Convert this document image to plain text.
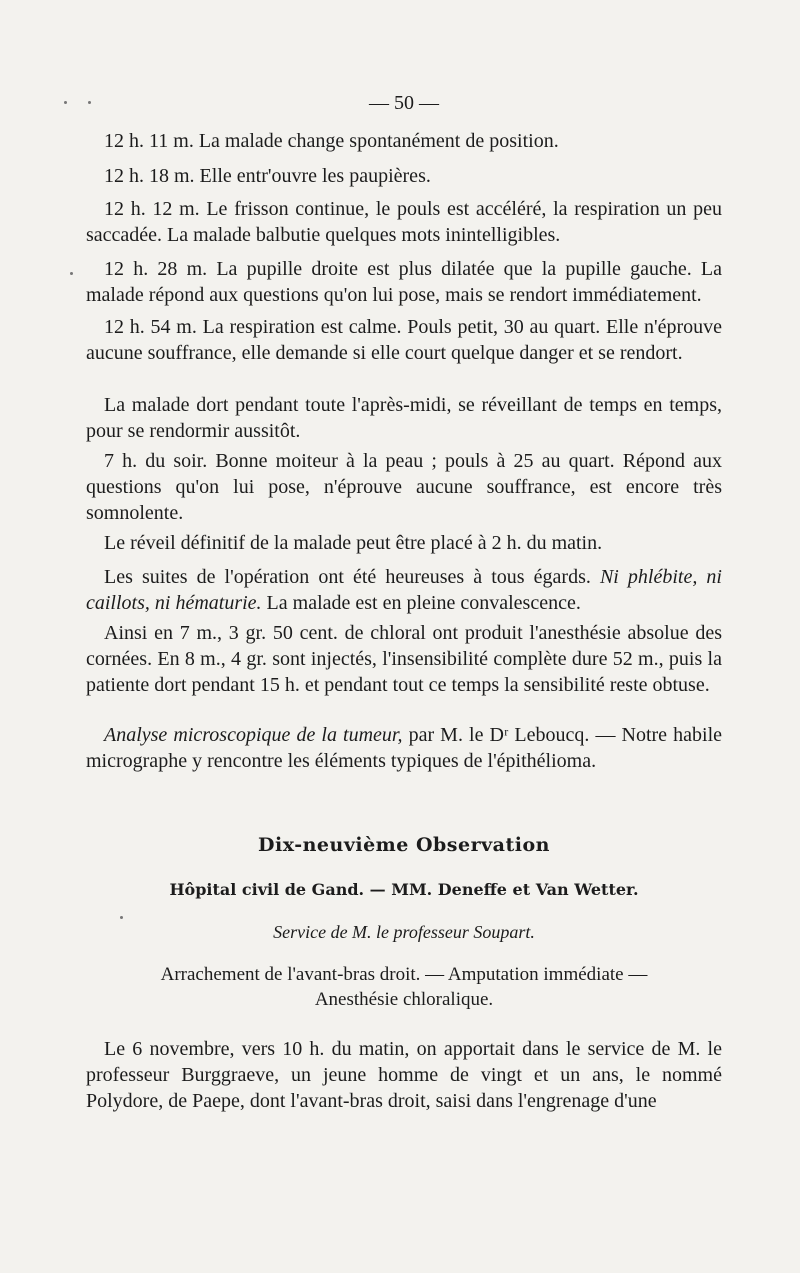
— 50 —

12 h. 11 m. La malade change spontanément de position.

12 h. 18 m. Elle entr'ouvre les paupières.

12 h. 12 m. Le frisson continue, le pouls est accéléré, la respiration un peu saccadée. La malade balbutie quelques mots inintelligibles.

12 h. 28 m. La pupille droite est plus dilatée que la pupille gauche. La malade répond aux questions qu'on lui pose, mais se rendort immédiatement.

12 h. 54 m. La respiration est calme. Pouls petit, 30 au quart. Elle n'éprouve aucune souffrance, elle demande si elle court quelque danger et se rendort.

La malade dort pendant toute l'après-midi, se réveillant de temps en temps, pour se rendormir aussitôt.

7 h. du soir. Bonne moiteur à la peau ; pouls à 25 au quart. Répond aux questions qu'on lui pose, n'éprouve aucune souffrance, est encore très somnolente.

Le réveil définitif de la malade peut être placé à 2 h. du matin.

Les suites de l'opération ont été heureuses à tous égards. Ni phlébite, ni caillots, ni hématurie. La malade est en pleine convalescence.

Ainsi en 7 m., 3 gr. 50 cent. de chloral ont produit l'anesthésie absolue des cornées. En 8 m., 4 gr. sont injectés, l'insensibilité complète dure 52 m., puis la patiente dort pendant 15 h. et pendant tout ce temps la sensibilité reste obtuse.

Analyse microscopique de la tumeur, par M. le Dʳ Leboucq. — Notre habile micrographe y rencontre les éléments typiques de l'épithélioma.

Dix-neuvième Observation
Hôpital civil de Gand. — MM. Deneffe et Van Wetter.
Service de M. le professeur Soupart.
Arrachement de l'avant-bras droit. — Amputation immédiate —
Anesthésie chloralique.

Le 6 novembre, vers 10 h. du matin, on apportait dans le service de M. le professeur Burggraeve, un jeune homme de vingt et un ans, le nommé Polydore, de Paepe, dont l'avant-bras droit, saisi dans l'engrenage d'une
